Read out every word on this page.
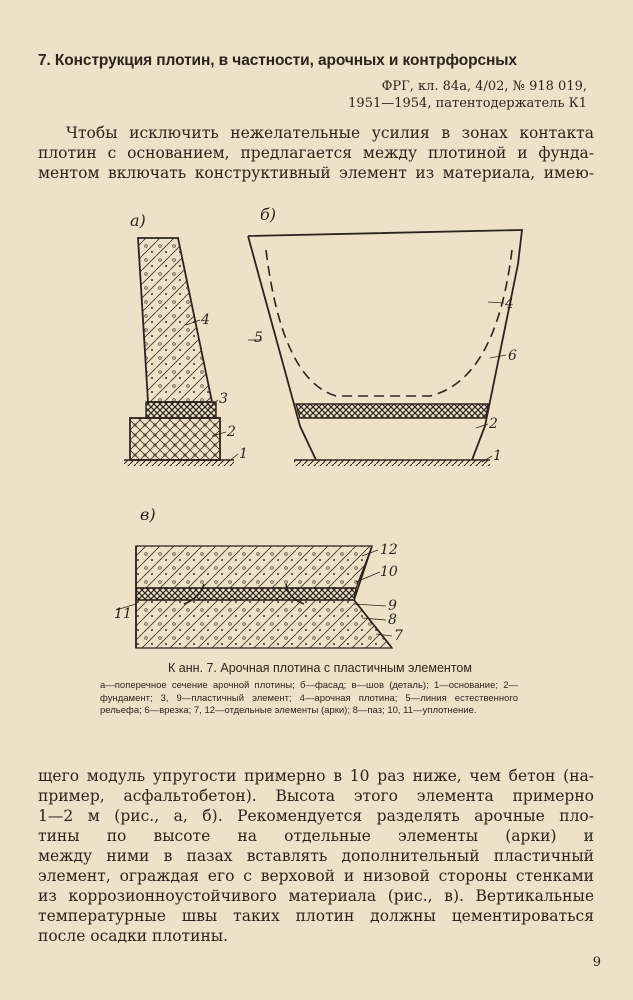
7. Конструкция плотин, в частности, арочных и контрфорсных
ФРГ, кл. 84а, 4/02, № 918 019,
1951—1954, патентодержатель К1
Чтобы исключить нежелательные усилия в зонах контакта
плотин с основанием, предлагается между плотиной и фунда-
ментом включать конструктивный элемент из материала, имею-
а)
4
3
2
1
б)
5
4
6
2
1
в)
12
10
11	9
8
7

К анн. 7. Арочная плотина с пластичным элементом

а—поперечное сечение арочной плотины; б—фасад; в—шов (деталь); 1—основание; 2—фундамент; 3, 9—пластичный элемент; 4—арочная плотина; 5—линия естественного рельефа; 6—врезка; 7, 12—отдельные элементы (арки); 8—паз; 10, 11—уплотнение.

щего модуль упругости примерно в 10 раз ниже, чем бетон (на-
пример, асфальтобетон). Высота этого элемента примерно
1—2 м (рис., а, б). Рекомендуется разделять арочные пло-
тины по высоте на отдельные элементы (арки) и
между ними в пазах вставлять дополнительный пластичный
элемент, ограждая его с верховой и низовой стороны стенками
из коррозионноустойчивого материала (рис., в). Вертикальные
температурные швы таких плотин должны цементироваться
после осадки плотины.

9
